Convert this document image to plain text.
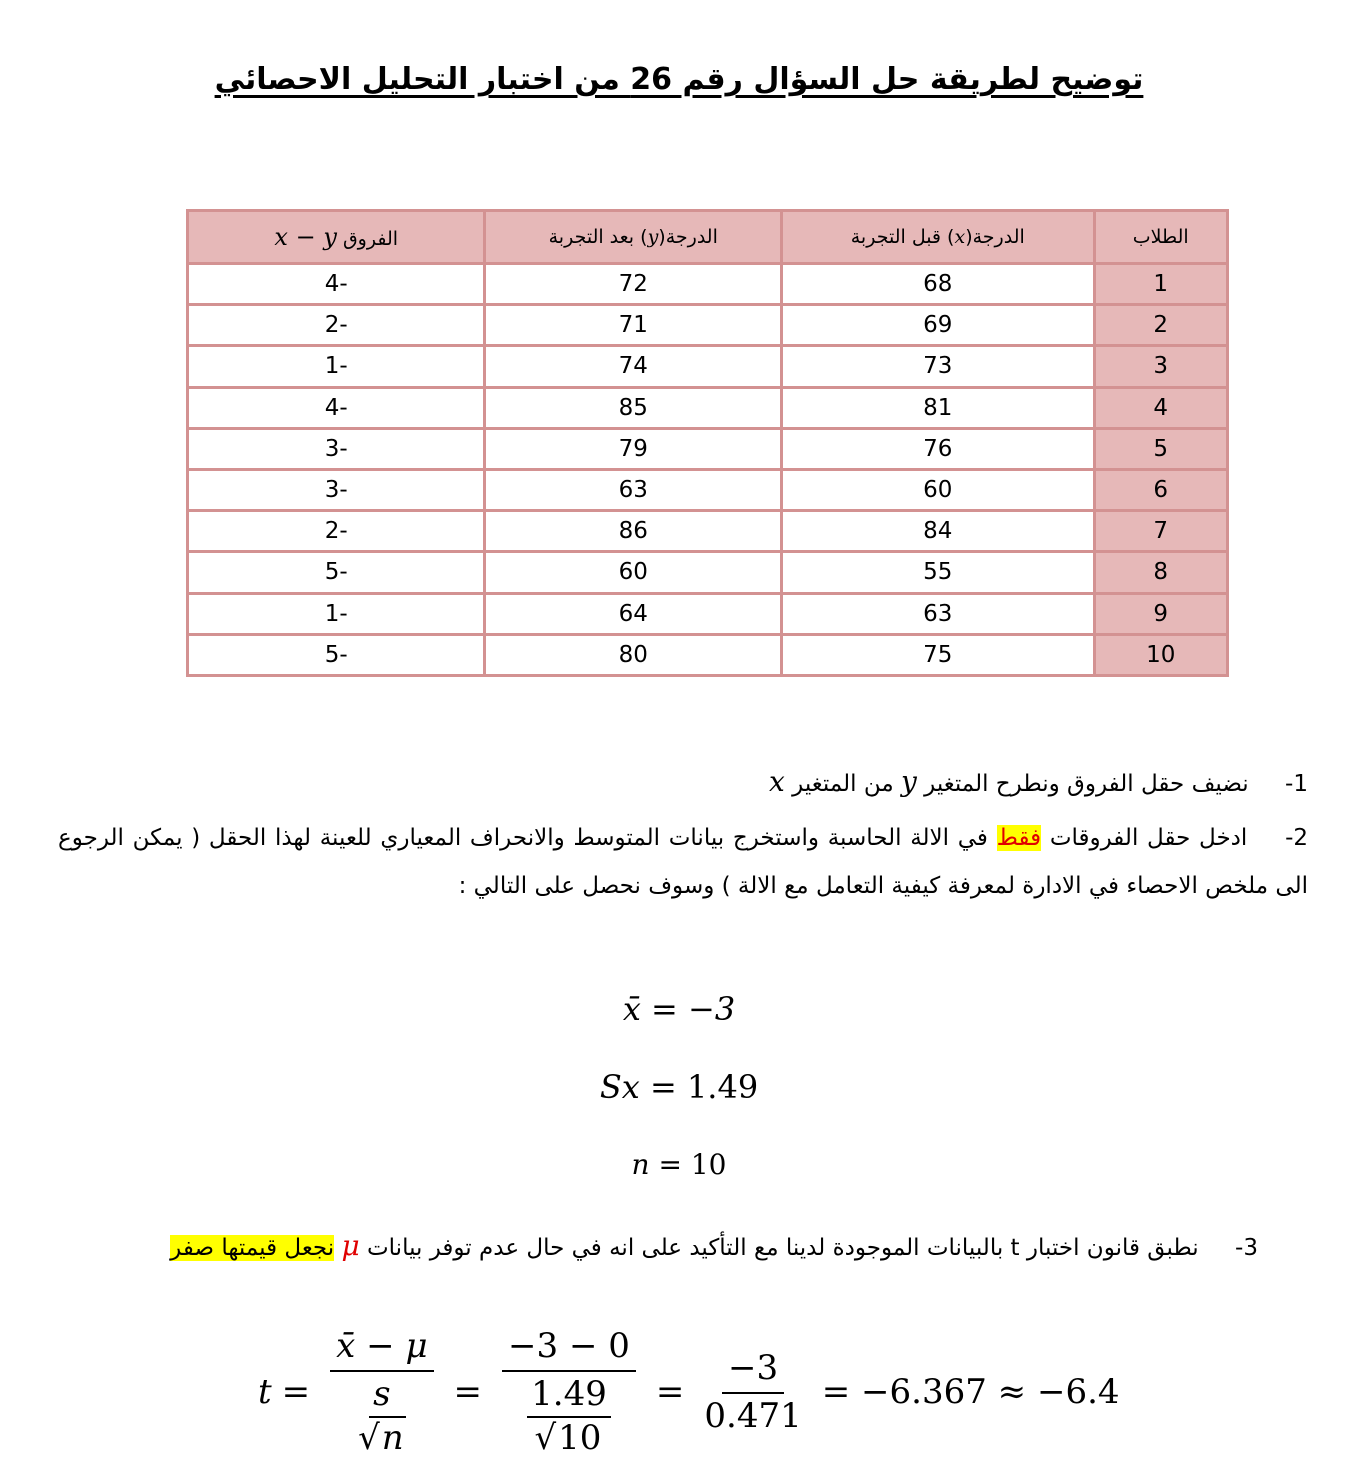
توضيح لطريقة حل السؤال رقم 26 من اختبار التحليل الاحصائي
الطلاب	الدرجة(x) قبل التجربة	الدرجة(y) بعد التجربة	الفروق x − y
1	68	72	-4
2	69	71	-2
3	73	74	-1
4	81	85	-4
5	76	79	-3
6	60	63	-3
7	84	86	-2
8	55	60	-5
9	63	64	-1
10	75	80	-5
1- نضيف حقل الفروق ونطرح المتغير y من المتغير x
2- ادخل حقل الفروقات فقط في الالة الحاسبة واستخرج بيانات المتوسط والانحراف المعياري للعينة لهذا الحقل ( يمكن الرجوع الى ملخص الاحصاء في الادارة لمعرفة كيفية التعامل مع الالة ) وسوف نحصل على التالي :
x̄ = −3
Sx = 1.49
n = 10
3- نطبق قانون اختبار t بالبيانات الموجودة لدينا مع التأكيد على انه في حال عدم توفر بيانات μ نجعل قيمتها صفر
$t = \frac{x̄ - \mu}{\frac{s}{√n}} = \frac{-3 - 0}{\frac{1.49}{√10}} = \frac{-3}{0.471} = -6.367 \approx -6.4$
